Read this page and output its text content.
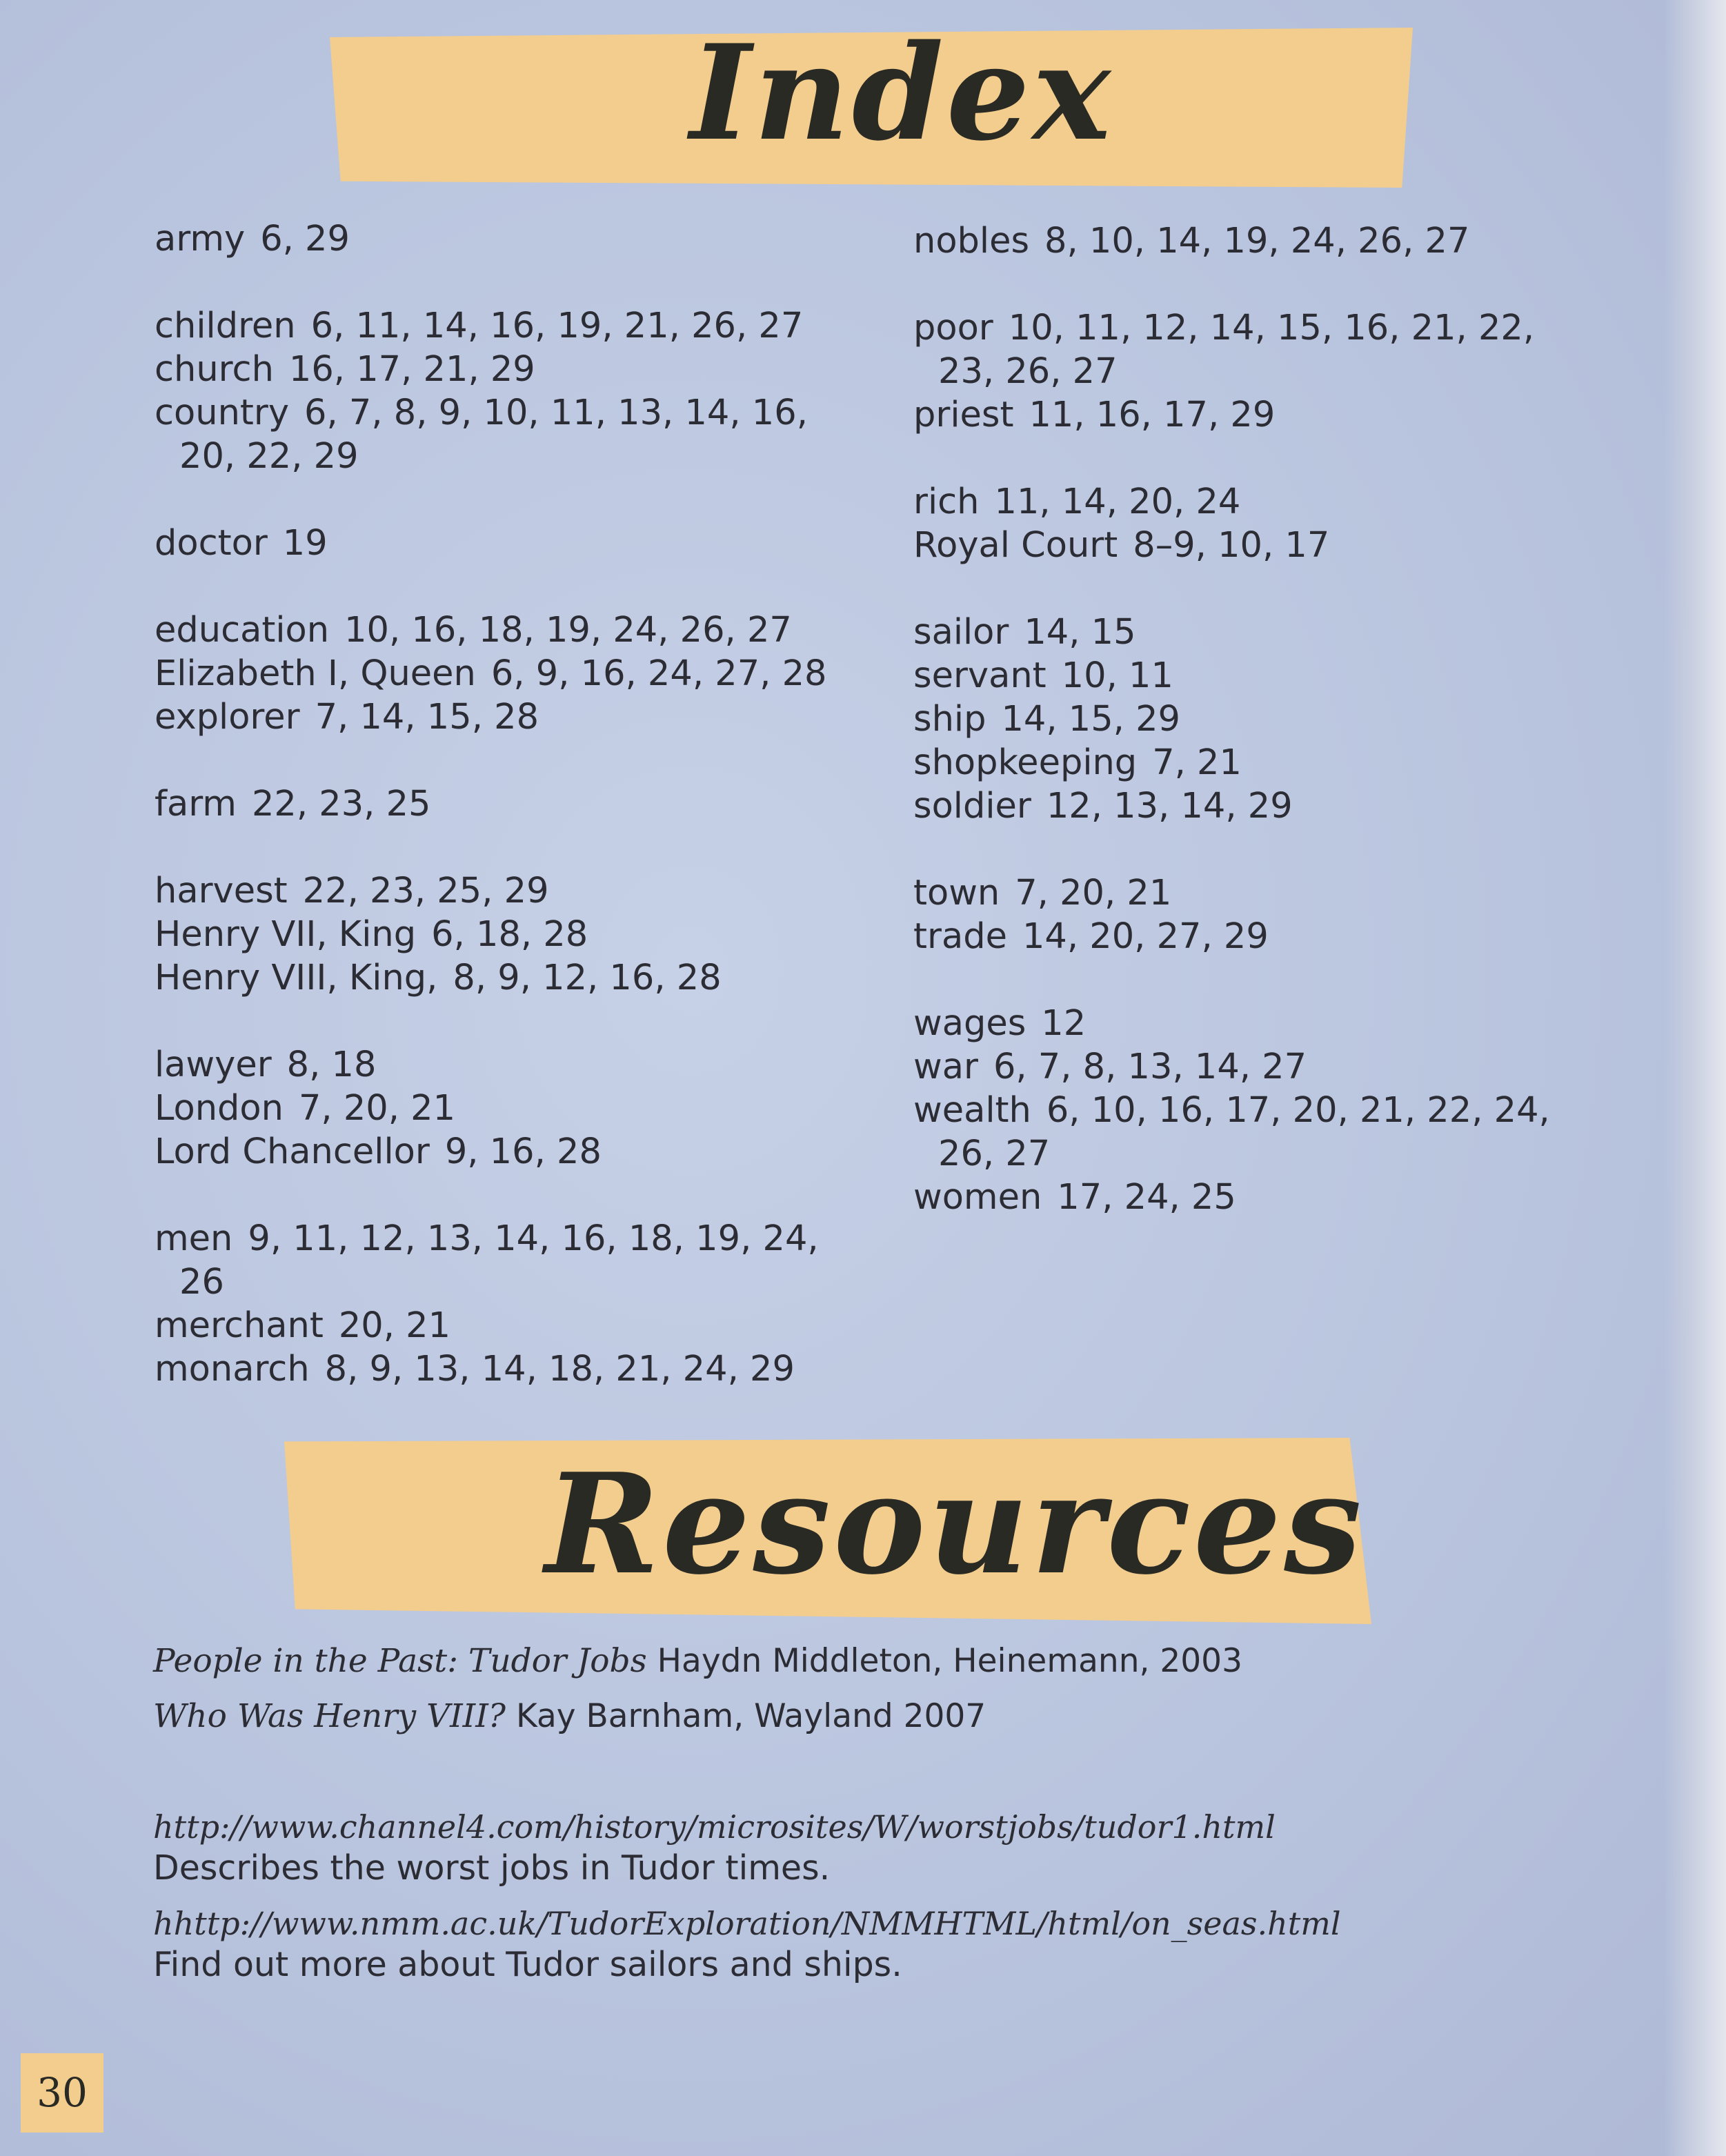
Index
army 6, 29
children 6, 11, 14, 16, 19, 21, 26, 27
church 16, 17, 21, 29
country 6, 7, 8, 9, 10, 11, 13, 14, 16, 20, 22, 29
doctor 19
education 10, 16, 18, 19, 24, 26, 27
Elizabeth I, Queen 6, 9, 16, 24, 27, 28
explorer 7, 14, 15, 28
farm 22, 23, 25
harvest 22, 23, 25, 29
Henry VII, King 6, 18, 28
Henry VIII, King, 8, 9, 12, 16, 28
lawyer 8, 18
London 7, 20, 21
Lord Chancellor 9, 16, 28
men 9, 11, 12, 13, 14, 16, 18, 19, 24, 26
merchant 20, 21
monarch 8, 9, 13, 14, 18, 21, 24, 29
nobles 8, 10, 14, 19, 24, 26, 27
poor 10, 11, 12, 14, 15, 16, 21, 22, 23, 26, 27
priest 11, 16, 17, 29
rich 11, 14, 20, 24
Royal Court 8–9, 10, 17
sailor 14, 15
servant 10, 11
ship 14, 15, 29
shopkeeping 7, 21
soldier 12, 13, 14, 29
town 7, 20, 21
trade 14, 20, 27, 29
wages 12
war 6, 7, 8, 13, 14, 27
wealth 6, 10, 16, 17, 20, 21, 22, 24, 26, 27
women 17, 24, 25
Resources
People in the Past: Tudor Jobs Haydn Middleton, Heinemann, 2003
Who Was Henry VIII? Kay Barnham, Wayland 2007
http://www.channel4.com/history/microsites/W/worstjobs/tudor1.html
Describes the worst jobs in Tudor times.
hhttp://www.nmm.ac.uk/TudorExploration/NMMHTML/html/on_seas.html
Find out more about Tudor sailors and ships.
30
